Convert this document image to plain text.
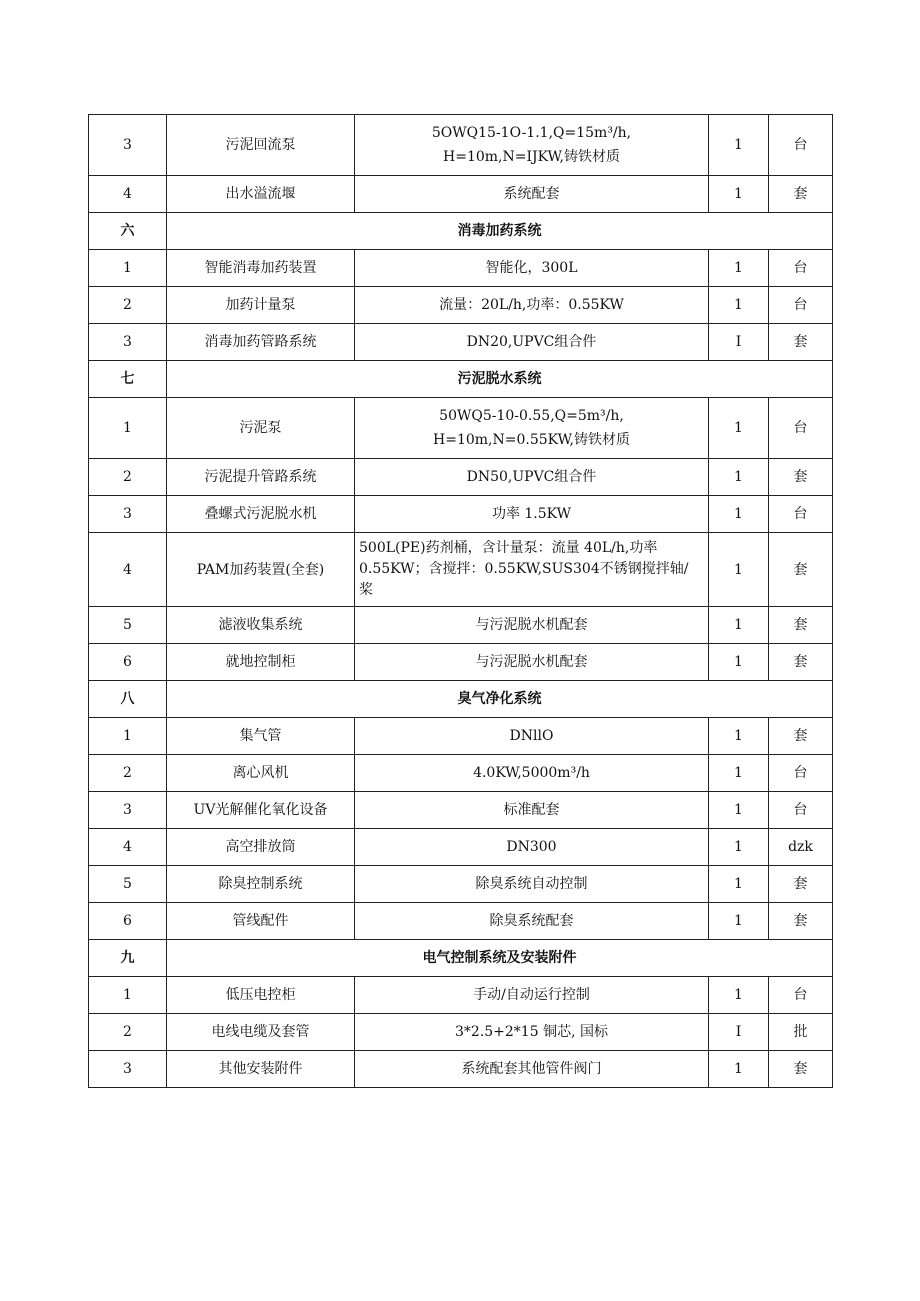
3	污泥回流泵	5OWQ15-1O-1.1,Q=15m³/h,
H=10m,N=IJKW,铸铁材质	1	台
4	出水溢流堰	系统配套	1	套
六	消毒加药系统			
1	智能消毒加药装置	智能化，300L	1	台
2	加药计量泵	流量：20L/h,功率：0.55KW	1	台
3	消毒加药管路系统	DN20,UPVC组合件	I	套
七	污泥脱水系统			
1	污泥泵	50WQ5-10-0.55,Q=5m³/h,
H=10m,N=0.55KW,铸铁材质	1	台
2	污泥提升管路系统	DN50,UPVC组合件	1	套
3	叠螺式污泥脱水机	功率 1.5KW	1	台
4	PAM加药装置(全套)	500L(PE)药剂桶，含计量泵：流量 40L/h,功率
0.55KW；含搅拌：0.55KW,SUS304不锈钢搅拌轴/
桨	1	套
5	滤液收集系统	与污泥脱水机配套	1	套
6	就地控制柜	与污泥脱水机配套	1	套
八	臭气净化系统			
1	集气管	DNllO	1	套
2	离心风机	4.0KW,5000m³/h	1	台
3	UV光解催化氧化设备	标准配套	1	台
4	高空排放筒	DN300	1	dzk
5	除臭控制系统	除臭系统自动控制	1	套
6	管线配件	除臭系统配套	1	套
九	电气控制系统及安装附件			
1	低压电控柜	手动/自动运行控制	1	台
2	电线电缆及套管	3*2.5+2*15 铜芯, 国标	I	批
3	其他安装附件	系统配套其他管件阀门	1	套
